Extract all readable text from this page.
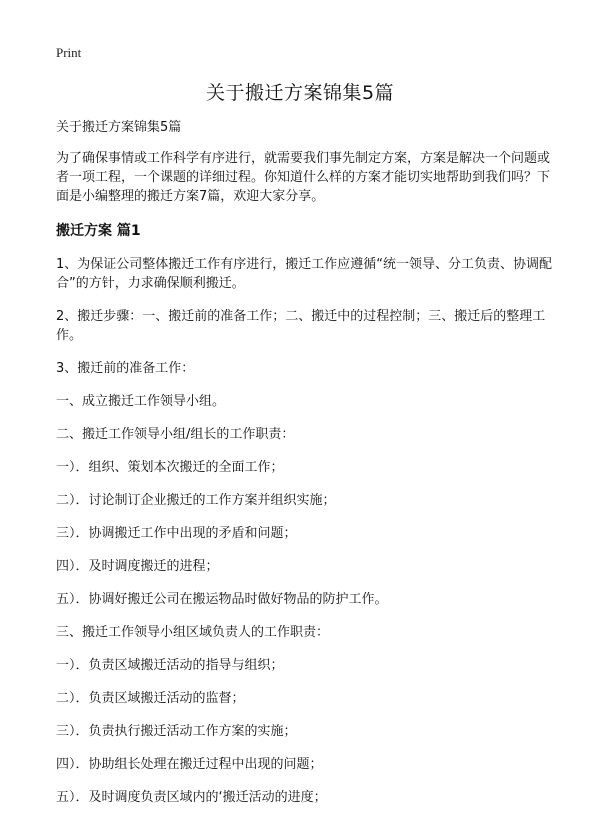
Print
关于搬迁方案锦集5篇

关于搬迁方案锦集5篇

为了确保事情或工作科学有序进行，就需要我们事先制定方案，方案是解决一个问题或者一项工程，一个课题的详细过程。你知道什么样的方案才能切实地帮助到我们吗？下面是小编整理的搬迁方案7篇，欢迎大家分享。

搬迁方案 篇1

1、为保证公司整体搬迁工作有序进行，搬迁工作应遵循“统一领导、分工负责、协调配合”的方针，力求确保顺利搬迁。

2、搬迁步骤：一、搬迁前的准备工作；二、搬迁中的过程控制；三、搬迁后的整理工作。

3、搬迁前的准备工作：

一、成立搬迁工作领导小组。

二、搬迁工作领导小组/组长的工作职责：

一）．组织、策划本次搬迁的全面工作；

二）．讨论制订企业搬迁的工作方案并组织实施；

三）．协调搬迁工作中出现的矛盾和问题；

四）．及时调度搬迁的进程；

五）．协调好搬迁公司在搬运物品时做好物品的防护工作。

三、搬迁工作领导小组区域负责人的工作职责：

一）．负责区域搬迁活动的指导与组织；

二）．负责区域搬迁活动的监督；

三）．负责执行搬迁活动工作方案的实施；

四）．协助组长处理在搬迁过程中出现的问题；

五）．及时调度负责区域内的‘搬迁活动的进度；
